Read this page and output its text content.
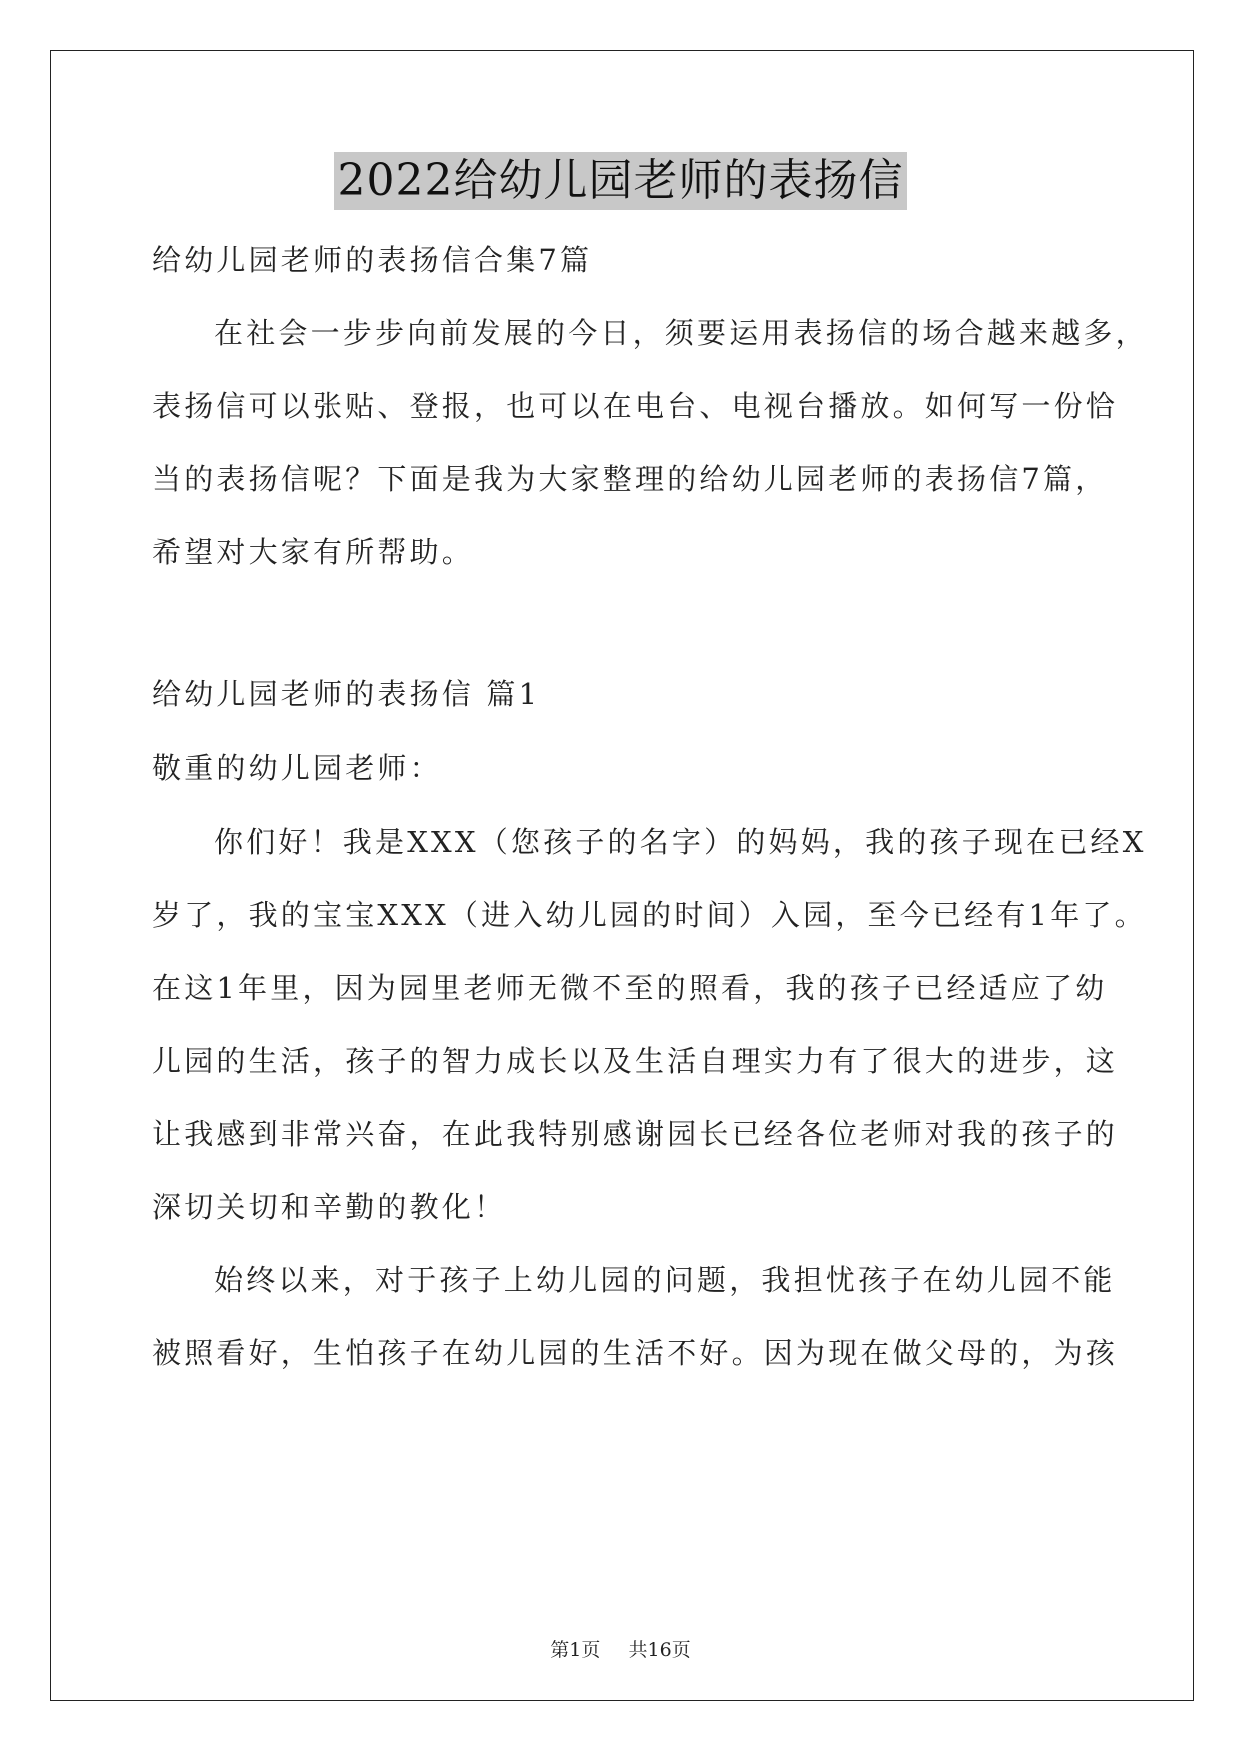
2022给幼儿园老师的表扬信
给幼儿园老师的表扬信合集7篇
在社会一步步向前发展的今日，须要运用表扬信的场合越来越多，
表扬信可以张贴、登报，也可以在电台、电视台播放。如何写一份恰
当的表扬信呢？下面是我为大家整理的给幼儿园老师的表扬信7篇，
希望对大家有所帮助。
给幼儿园老师的表扬信 篇1
敬重的幼儿园老师：
你们好！我是XXX（您孩子的名字）的妈妈，我的孩子现在已经X
岁了，我的宝宝XXX（进入幼儿园的时间）入园，至今已经有1年了。
在这1年里，因为园里老师无微不至的照看，我的孩子已经适应了幼
儿园的生活，孩子的智力成长以及生活自理实力有了很大的进步，这
让我感到非常兴奋，在此我特别感谢园长已经各位老师对我的孩子的
深切关切和辛勤的教化！
始终以来，对于孩子上幼儿园的问题，我担忧孩子在幼儿园不能
被照看好，生怕孩子在幼儿园的生活不好。因为现在做父母的，为孩
第1页 共16页
